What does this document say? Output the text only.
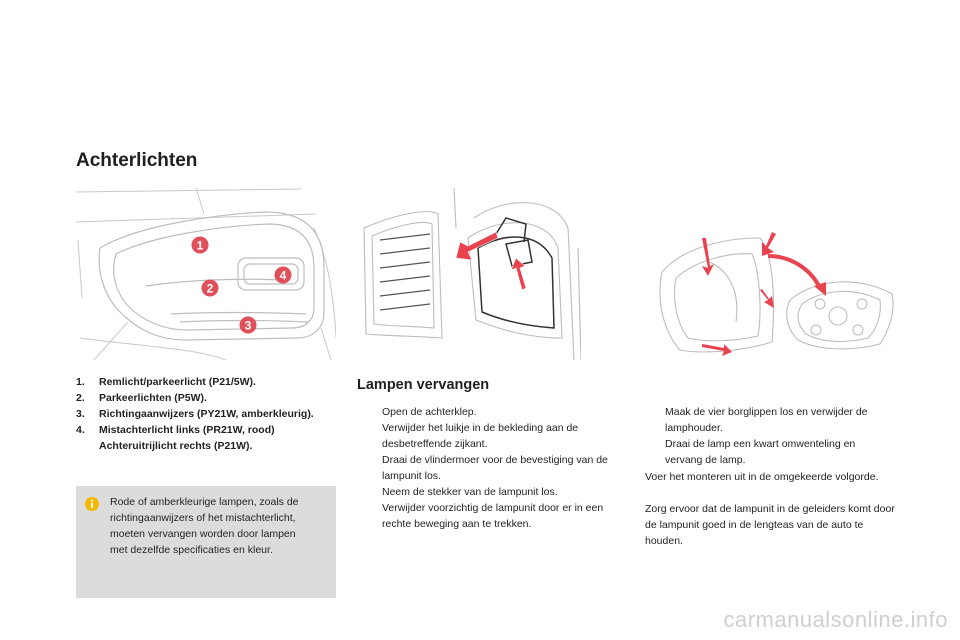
Achterlichten
1
2
3
4
1. Remlicht/parkeerlicht (P21/5W).
2. Parkeerlichten (P5W).
3. Richtingaanwijzers (PY21W, amberkleurig).
4. Mistachterlicht links (PR21W, rood) Achteruitrijlicht rechts (P21W).

Rode of amberkleurige lampen, zoals de richtingaanwijzers of het mistachterlicht, moeten vervangen worden door lampen met dezelfde specificaties en kleur.

Lampen vervangen
Open de achterklep.
Verwijder het luikje in de bekleding aan de desbetreffende zijkant.
Draai de vlindermoer voor de bevestiging van de lampunit los.
Neem de stekker van de lampunit los.
Verwijder voorzichtig de lampunit door er in een rechte beweging aan te trekken.
Maak de vier borglippen los en verwijder de lamphouder.
Draai de lamp een kwart omwenteling en vervang de lamp.

Voer het monteren uit in de omgekeerde volgorde.

Zorg ervoor dat de lampunit in de geleiders komt door de lampunit goed in de lengteas van de auto te houden.

carmanualsonline.info
